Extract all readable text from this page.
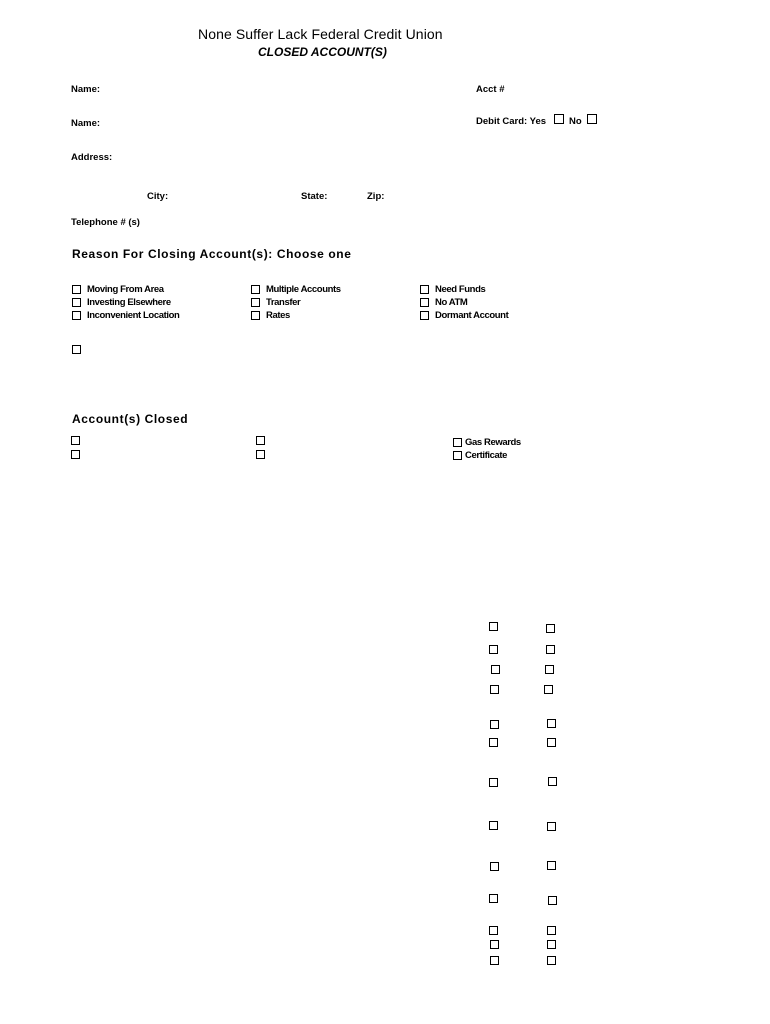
None Suffer Lack Federal Credit Union
CLOSED ACCOUNT(S)
Name:	Acct #
Name:	Debit Card: Yes No
Address:
City:	State:	Zip:
Telephone # (s)
Reason For Closing Account(s): Choose one
Moving From Area
Investing Elsewhere
Inconvenient Location
Multiple Accounts
Transfer
Rates
Need Funds
No ATM
Dormant Account
Account(s) Closed
Gas Rewards
Certificate
